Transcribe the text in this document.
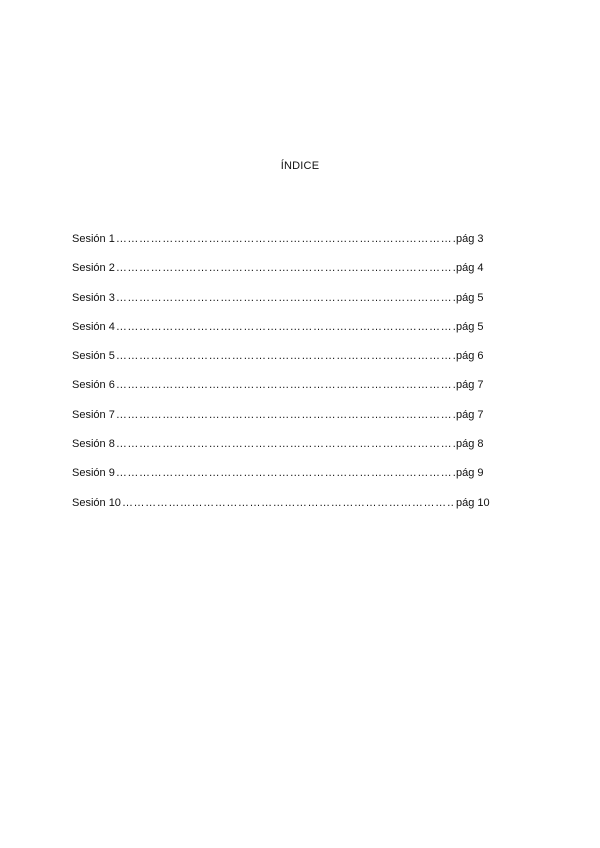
ÍNDICE
Sesión 1 …………………………………………………………………………………………………………………………………………………………………………………………………………………	pág 3
Sesión 2 …………………………………………………………………………………………………………………………………………………………………………………………………………………	pág 4
Sesión 3 …………………………………………………………………………………………………………………………………………………………………………………………………………………	pág 5
Sesión 4 …………………………………………………………………………………………………………………………………………………………………………………………………………………	pág 5
Sesión 5 …………………………………………………………………………………………………………………………………………………………………………………………………………………	pág 6
Sesión 6 …………………………………………………………………………………………………………………………………………………………………………………………………………………	pág 7
Sesión 7 …………………………………………………………………………………………………………………………………………………………………………………………………………………	pág 7
Sesión 8 …………………………………………………………………………………………………………………………………………………………………………………………………………………	pág 8
Sesión 9 …………………………………………………………………………………………………………………………………………………………………………………………………………………	pág 9
Sesión 10 …………………………………………………………………………………………………………………………………………………………………………………………………………………	pág 10
